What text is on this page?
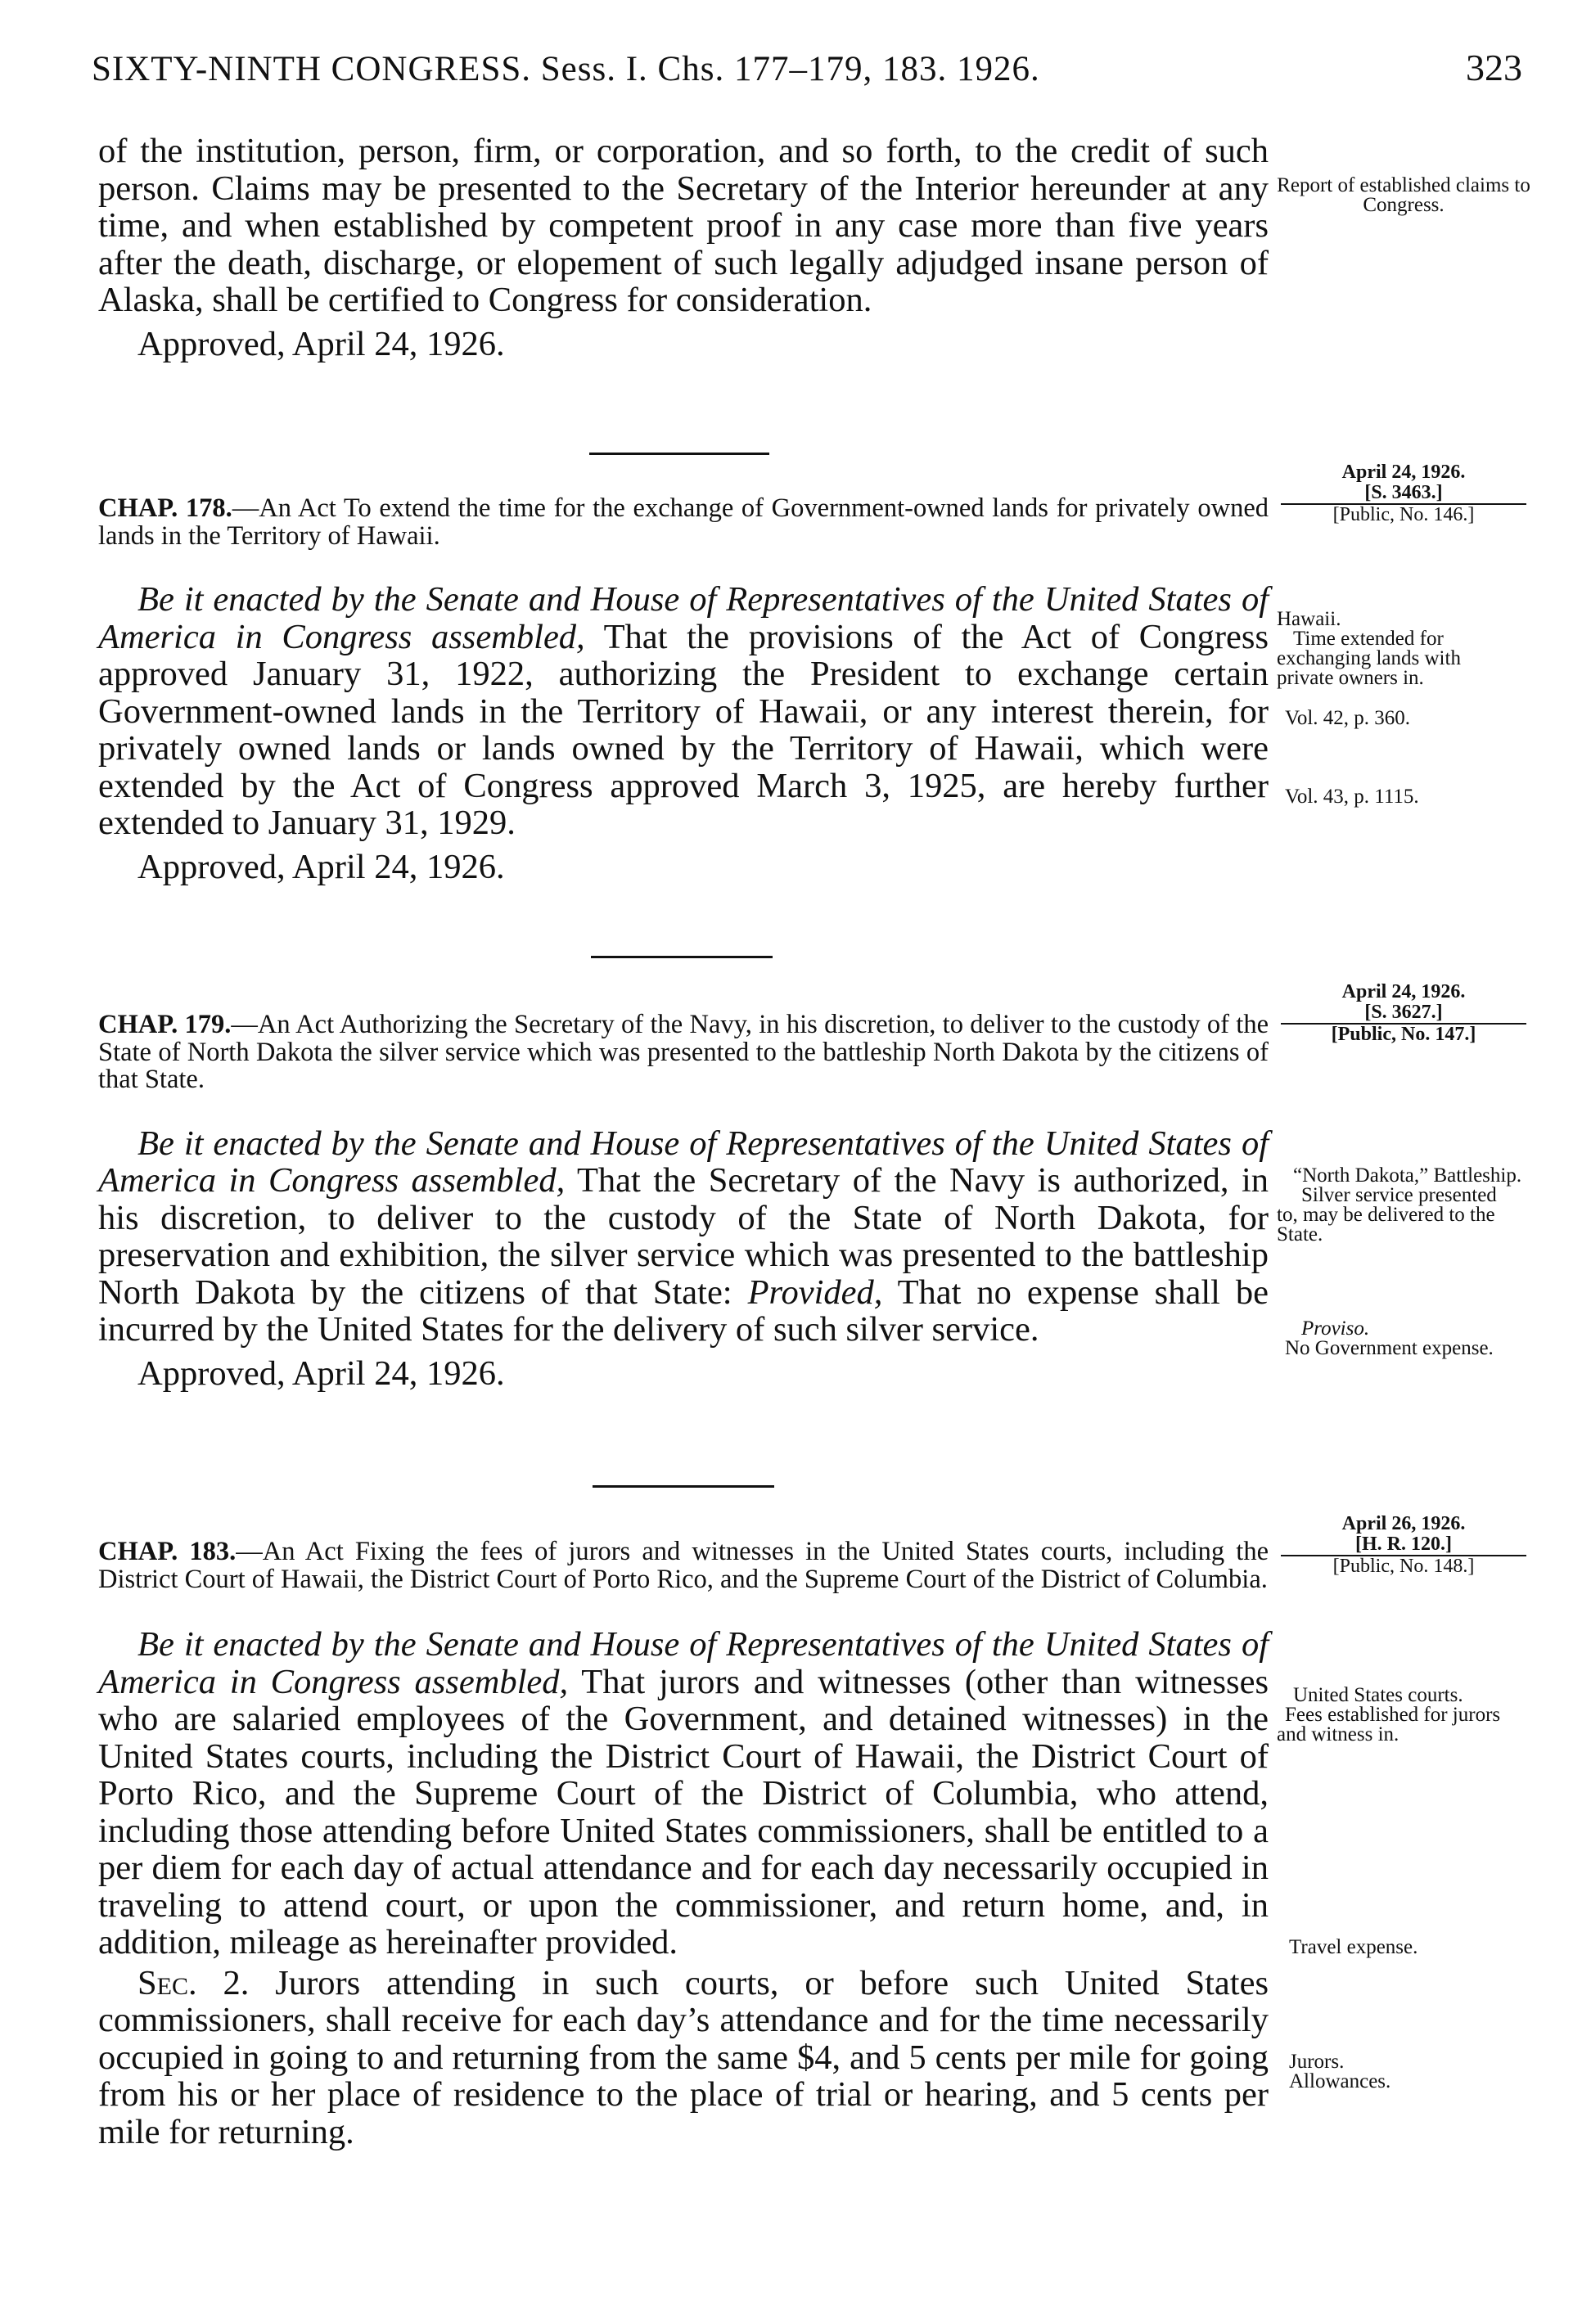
SIXTY-NINTH CONGRESS. Sess. I. Chs. 177–179, 183. 1926.	323

of the institution, person, firm, or corporation, and so forth, to the credit of such person. Claims may be presented to the Secretary of the Interior hereunder at any time, and when established by competent proof in any case more than five years after the death, discharge, or elopement of such legally adjudged insane person of Alaska, shall be certified to Congress for consideration.

Approved, April 24, 1926.

Report of established claims to Congress.
April 24, 1926.
[S. 3463.]
[Public, No. 146.]

CHAP. 178.—An Act To extend the time for the exchange of Government-owned lands for privately owned lands in the Territory of Hawaii.

Be it enacted by the Senate and House of Representatives of the United States of America in Congress assembled, That the provisions of the Act of Congress approved January 31, 1922, authorizing the President to exchange certain Government-owned lands in the Territory of Hawaii, or any interest therein, for privately owned lands or lands owned by the Territory of Hawaii, which were extended by the Act of Congress approved March 3, 1925, are hereby further extended to January 31, 1929.

Approved, April 24, 1926.

Hawaii.
Time extended for exchanging lands with private owners in.
Vol. 42, p. 360.
Vol. 43, p. 1115.
April 24, 1926.
[S. 3627.]
[Public, No. 147.]

CHAP. 179.—An Act Authorizing the Secretary of the Navy, in his discretion, to deliver to the custody of the State of North Dakota the silver service which was presented to the battleship North Dakota by the citizens of that State.

Be it enacted by the Senate and House of Representatives of the United States of America in Congress assembled, That the Secretary of the Navy is authorized, in his discretion, to deliver to the custody of the State of North Dakota, for preservation and exhibition, the silver service which was presented to the battleship North Dakota by the citizens of that State: Provided, That no expense shall be incurred by the United States for the delivery of such silver service.

Approved, April 24, 1926.

“North Dakota,” Battleship.
Silver service presented to, may be delivered to the State.
Proviso.
No Government expense.
April 26, 1926.
[H. R. 120.]
[Public, No. 148.]

CHAP. 183.—An Act Fixing the fees of jurors and witnesses in the United States courts, including the District Court of Hawaii, the District Court of Porto Rico, and the Supreme Court of the District of Columbia.

Be it enacted by the Senate and House of Representatives of the United States of America in Congress assembled, That jurors and witnesses (other than witnesses who are salaried employees of the Government, and detained witnesses) in the United States courts, including the District Court of Hawaii, the District Court of Porto Rico, and the Supreme Court of the District of Columbia, who attend, including those attending before United States commissioners, shall be entitled to a per diem for each day of actual attendance and for each day necessarily occupied in traveling to attend court, or upon the commissioner, and return home, and, in addition, mileage as hereinafter provided.

Sec. 2. Jurors attending in such courts, or before such United States commissioners, shall receive for each day’s attendance and for the time necessarily occupied in going to and returning from the same $4, and 5 cents per mile for going from his or her place of residence to the place of trial or hearing, and 5 cents per mile for returning.

United States courts.
Fees established for jurors and witness in.
Travel expense.
Jurors.
Allowances.
